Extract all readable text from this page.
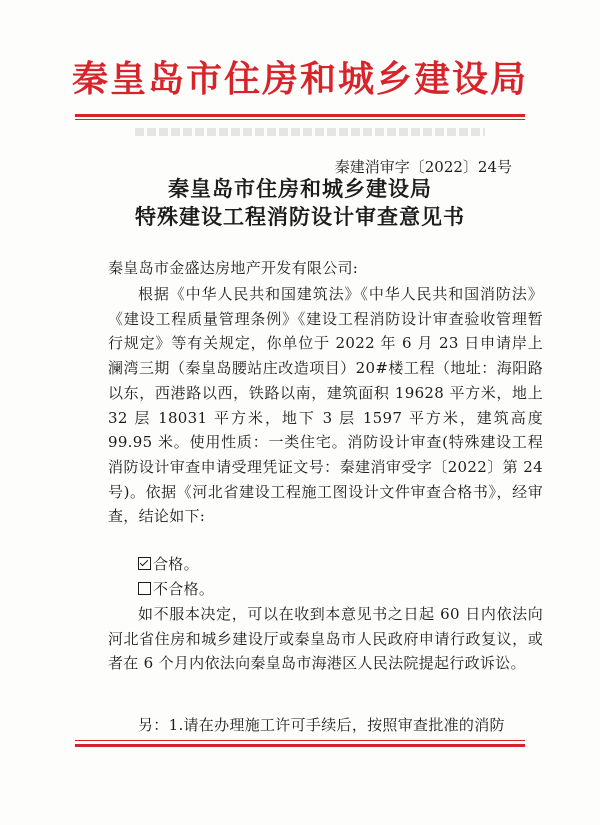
秦皇岛市住房和城乡建设局
秦建消审字〔2022〕24号
秦皇岛市住房和城乡建设局
特殊建设工程消防设计审查意见书
秦皇岛市金盛达房地产开发有限公司:
根据《中华人民共和国建筑法》《中华人民共和国消防法》《建设工程质量管理条例》《建设工程消防设计审查验收管理暂行规定》等有关规定，你单位于 2022 年 6 月 23 日申请岸上澜湾三期（秦皇岛腰站庄改造项目）20#楼工程（地址：海阳路以东，西港路以西，铁路以南，建筑面积 19628 平方米，地上 32 层 18031 平方米，地下 3 层 1597 平方米，建筑高度 99.95 米。使用性质：一类住宅。消防设计审查(特殊建设工程消防设计审查申请受理凭证文号：秦建消审受字〔2022〕第 24 号)。依据《河北省建设工程施工图设计文件审查合格书》，经审查，结论如下:
合格。
不合格。
如不服本决定，可以在收到本意见书之日起 60 日内依法向河北省住房和城乡建设厅或秦皇岛市人民政府申请行政复议，或者在 6 个月内依法向秦皇岛市海港区人民法院提起行政诉讼。
另：1.请在办理施工许可手续后，按照审查批准的消防
